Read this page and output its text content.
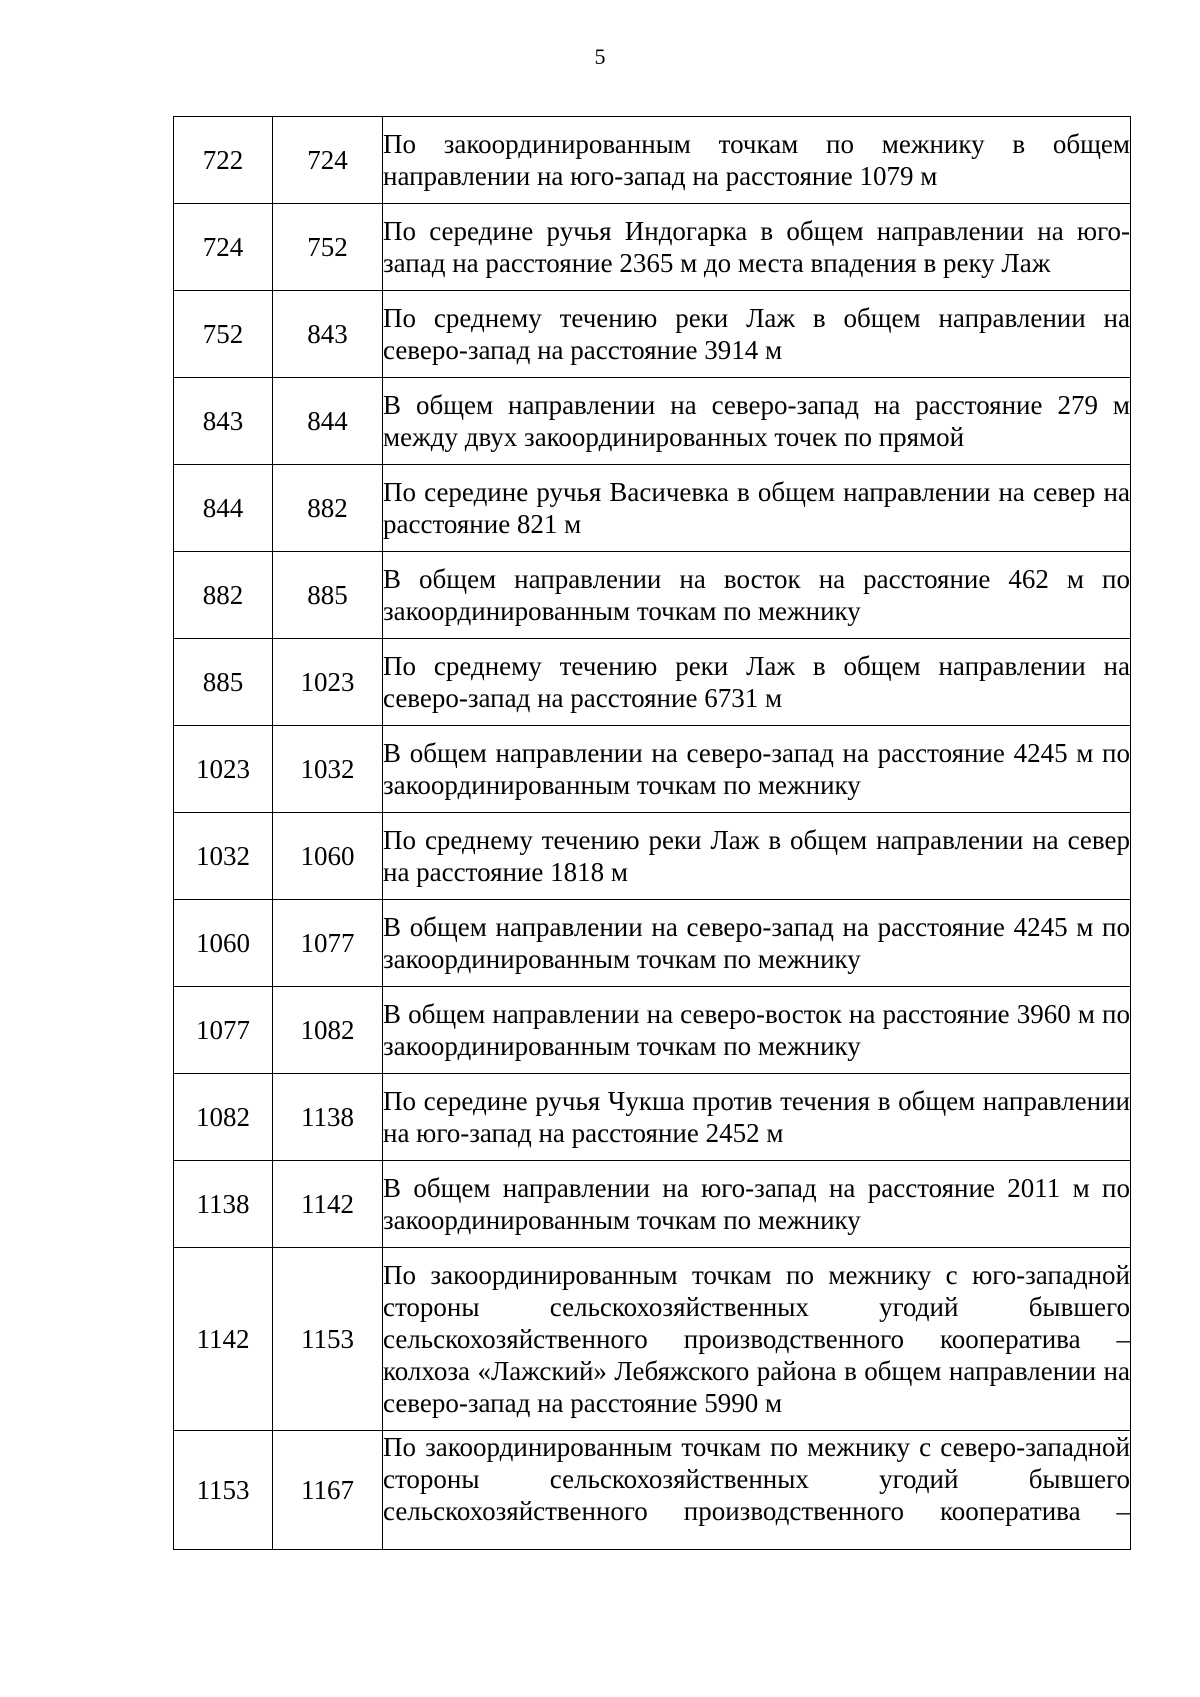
5
722	724	По закоординированным точкам по межнику в общем направлении на юго-запад на расстояние 1079 м
724	752	По середине ручья Индогарка в общем направлении на юго-запад на расстояние 2365 м до места впадения в реку Лаж
752	843	По среднему течению реки Лаж в общем направлении на северо-запад на расстояние 3914 м
843	844	В общем направлении на северо-запад на расстояние 279 м между двух закоординированных точек по прямой
844	882	По середине ручья Васичевка в общем направлении на север на расстояние 821 м
882	885	В общем направлении на восток на расстояние 462 м по закоординированным точкам по межнику
885	1023	По среднему течению реки Лаж в общем направлении на северо-запад на расстояние 6731 м
1023	1032	В общем направлении на северо-запад на расстояние 4245 м по закоординированным точкам по межнику
1032	1060	По среднему течению реки Лаж в общем направлении на север на расстояние 1818 м
1060	1077	В общем направлении на северо-запад на расстояние 4245 м по закоординированным точкам по межнику
1077	1082	В общем направлении на северо-восток на расстояние 3960 м по закоординированным точкам по межнику
1082	1138	По середине ручья Чукша против течения в общем направлении на юго-запад на расстояние 2452 м
1138	1142	В общем направлении на юго-запад на расстояние 2011 м по закоординированным точкам по межнику
1142	1153	По закоординированным точкам по межнику с юго-западной стороны сельскохозяйственных угодий бывшего сельскохозяйственного производственного кооператива – колхоза «Лажский» Лебяжского района в общем направлении на северо-запад на расстояние 5990 м
1153	1167	По закоординированным точкам по межнику с северо-западной стороны сельскохозяйственных угодий бывшего сельскохозяйственного производственного кооператива –
